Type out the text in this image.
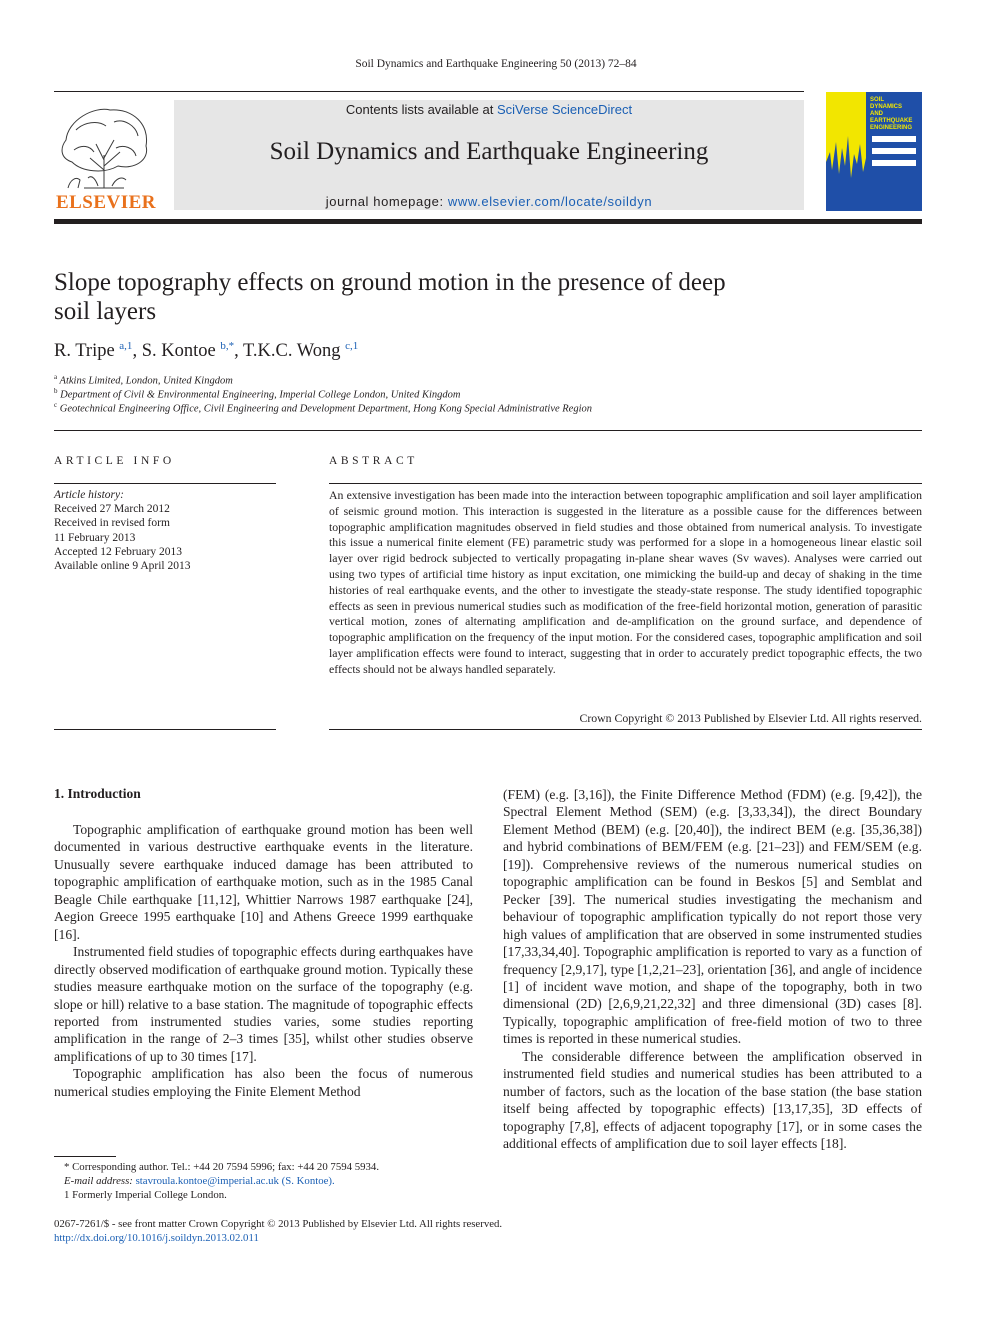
Soil Dynamics and Earthquake Engineering 50 (2013) 72–84
ELSEVIER
Contents lists available at SciVerse ScienceDirect
Soil Dynamics and Earthquake Engineering
journal homepage: www.elsevier.com/locate/soildyn
SOIL
DYNAMICS
AND
EARTHQUAKE
ENGINEERING
Slope topography effects on ground motion in the presence of deep soil layers
R. Tripe $^{a,1}$, S. Kontoe $^{b,*}$, T.K.C. Wong $^{c,1}$
$^a$ Atkins Limited, London, United Kingdom
$^b$ Department of Civil & Environmental Engineering, Imperial College London, United Kingdom
$^c$ Geotechnical Engineering Office, Civil Engineering and Development Department, Hong Kong Special Administrative Region
ARTICLE INFO	ABSTRACT
Article history:
Received 27 March 2012
Received in revised form
11 February 2013
Accepted 12 February 2013
Available online 9 April 2013
An extensive investigation has been made into the interaction between topographic amplification and soil layer amplification of seismic ground motion. This interaction is suggested in the literature as a possible cause for the differences between topographic amplification magnitudes observed in field studies and those obtained from numerical analysis. To investigate this issue a numerical finite element (FE) parametric study was performed for a slope in a homogeneous linear elastic soil layer over rigid bedrock subjected to vertically propagating in-plane shear waves (Sv waves). Analyses were carried out using two types of artificial time history as input excitation, one mimicking the build-up and decay of shaking in the time histories of real earthquake events, and the other to investigate the steady-state response. The study identified topographic effects as seen in previous numerical studies such as modification of the free-field horizontal motion, generation of parasitic vertical motion, zones of alternating amplification and de-amplification on the ground surface, and dependence of topographic amplification on the frequency of the input motion. For the considered cases, topographic amplification and soil layer amplification effects were found to interact, suggesting that in order to accurately predict topographic effects, the two effects should not be always handled separately.
Crown Copyright © 2013 Published by Elsevier Ltd. All rights reserved.
1. Introduction

Topographic amplification of earthquake ground motion has been well documented in various destructive earthquake events in the literature. Unusually severe earthquake induced damage has been attributed to topographic amplification of earthquake motion, such as in the 1985 Canal Beagle Chile earthquake [11,12], Whittier Narrows 1987 earthquake [24], Aegion Greece 1995 earthquake [10] and Athens Greece 1999 earthquake [16].

Instrumented field studies of topographic effects during earthquakes have directly observed modification of earthquake ground motion. Typically these studies measure earthquake motion on the surface of the topography (e.g. slope or hill) relative to a base station. The magnitude of topographic effects reported from instrumented studies varies, some studies reporting amplification in the range of 2–3 times [35], whilst other studies observe amplifications of up to 30 times [17].

Topographic amplification has also been the focus of numerous numerical studies employing the Finite Element Method

(FEM) (e.g. [3,16]), the Finite Difference Method (FDM) (e.g. [9,42]), the Spectral Element Method (SEM) (e.g. [3,33,34]), the direct Boundary Element Method (BEM) (e.g. [20,40]), the indirect BEM (e.g. [35,36,38]) and hybrid combinations of BEM/FEM (e.g. [21–23]) and FEM/SEM (e.g. [19]). Comprehensive reviews of the numerous numerical studies on topographic amplification can be found in Beskos [5] and Semblat and Pecker [39]. The numerical studies investigating the mechanism and behaviour of topographic amplification typically do not report those very high values of amplification that are observed in some instrumented studies [17,33,34,40]. Topographic amplification is reported to vary as a function of frequency [2,9,17], type [1,2,21–23], orientation [36], and angle of incidence [1] of incident wave motion, and shape of the topography, both in two dimensional (2D) [2,6,9,21,22,32] and three dimensional (3D) cases [8]. Typically, topographic amplification of free-field motion of two to three times is reported in these numerical studies.

The considerable difference between the amplification observed in instrumented field studies and numerical studies has been attributed to a number of factors, such as the location of the base station (the base station itself being affected by topographic effects) [13,17,35], 3D effects of topography [7,8], effects of adjacent topography [17], or in some cases the additional effects of amplification due to soil layer effects [18].

* Corresponding author. Tel.: +44 20 7594 5996; fax: +44 20 7594 5934.
E-mail address: stavroula.kontoe@imperial.ac.uk (S. Kontoe).
1 Formerly Imperial College London.
0267-7261/$ - see front matter Crown Copyright © 2013 Published by Elsevier Ltd. All rights reserved.
http://dx.doi.org/10.1016/j.soildyn.2013.02.011
